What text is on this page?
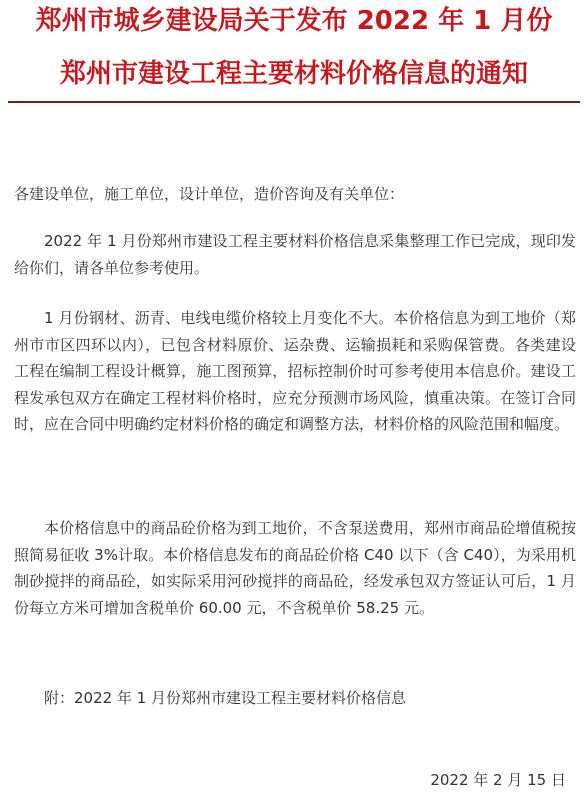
郑州市城乡建设局关于发布 2022 年 1 月份
郑州市建设工程主要材料价格信息的通知
各建设单位，施工单位，设计单位，造价咨询及有关单位：
2022 年 1 月份郑州市建设工程主要材料价格信息采集整理工作已完成，现印发给你们，请各单位参考使用。
1 月份钢材、沥青、电线电缆价格较上月变化不大。本价格信息为到工地价（郑州市市区四环以内），已包含材料原价、运杂费、运输损耗和采购保管费。各类建设工程在编制工程设计概算，施工图预算，招标控制价时可参考使用本信息价。建设工程发承包双方在确定工程材料价格时，应充分预测市场风险，慎重决策。在签订合同时，应在合同中明确约定材料价格的确定和调整方法，材料价格的风险范围和幅度。
本价格信息中的商品砼价格为到工地价，不含泵送费用，郑州市商品砼增值税按照简易征收 3%计取。本价格信息发布的商品砼价格 C40 以下（含 C40），为采用机制砂搅拌的商品砼，如实际采用河砂搅拌的商品砼，经发承包双方签证认可后，1 月份每立方米可增加含税单价 60.00 元，不含税单价 58.25 元。
附：2022 年 1 月份郑州市建设工程主要材料价格信息
2022 年 2 月 15 日
